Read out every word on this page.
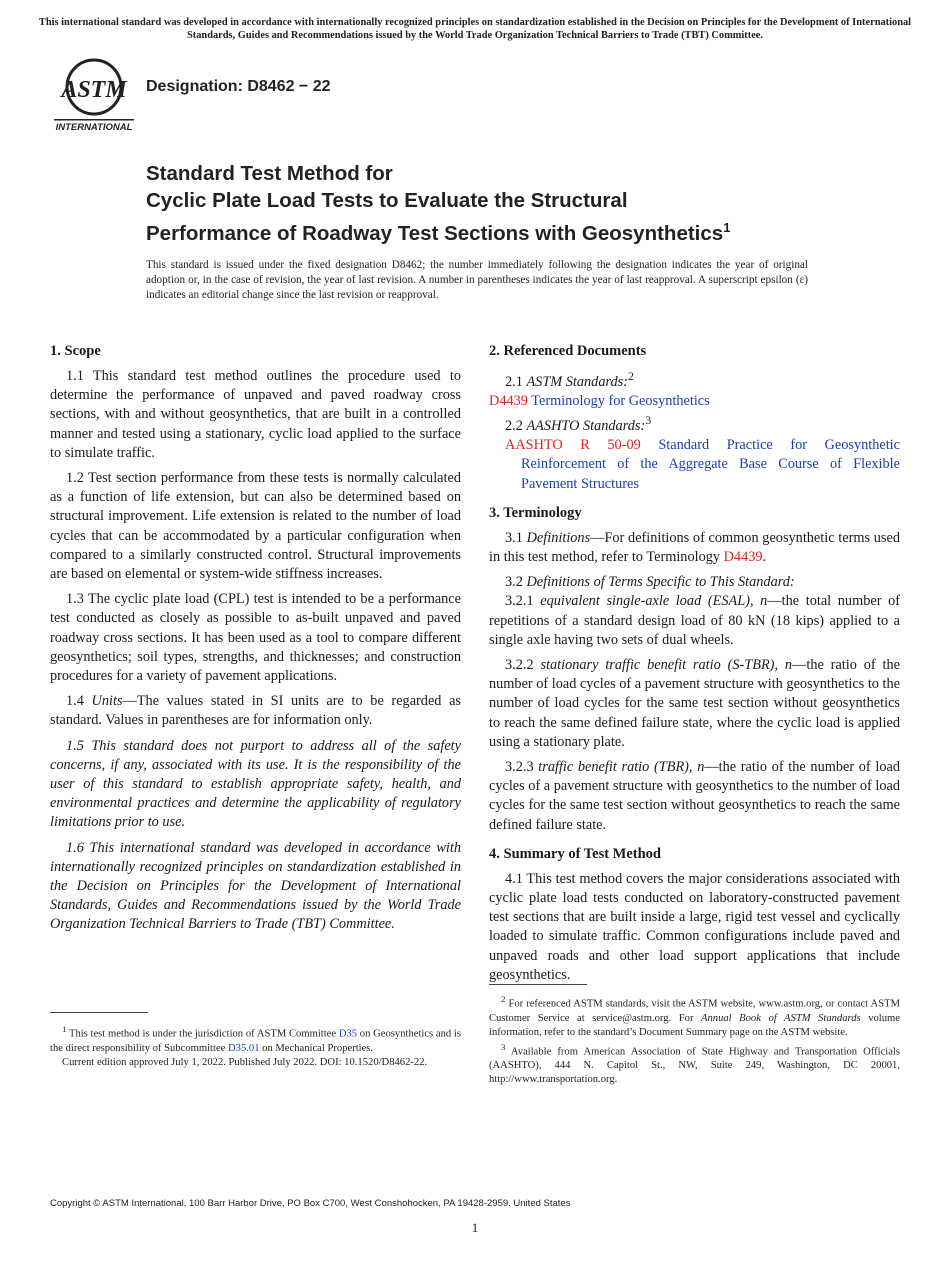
This international standard was developed in accordance with internationally recognized principles on standardization established in the Decision on Principles for the Development of International Standards, Guides and Recommendations issued by the World Trade Organization Technical Barriers to Trade (TBT) Committee.
ASTM
INTERNATIONAL
Designation: D8462 − 22
Standard Test Method for
Cyclic Plate Load Tests to Evaluate the Structural
Performance of Roadway Test Sections with Geosynthetics$^1$
This standard is issued under the fixed designation D8462; the number immediately following the designation indicates the year of original adoption or, in the case of revision, the year of last revision. A number in parentheses indicates the year of last reapproval. A superscript epsilon (ε) indicates an editorial change since the last revision or reapproval.
1. Scope

1.1 This standard test method outlines the procedure used to determine the performance of unpaved and paved roadway cross sections, with and without geosynthetics, that are built in a controlled manner and tested using a stationary, cyclic load applied to the surface to simulate traffic.

1.2 Test section performance from these tests is normally calculated as a function of life extension, but can also be determined based on structural improvement. Life extension is related to the number of load cycles that can be accommodated by a particular configuration when compared to a similarly constructed control. Structural improvements are based on elemental or system-wide stiffness increases.

1.3 The cyclic plate load (CPL) test is intended to be a performance test conducted as closely as possible to as-built unpaved and paved roadway cross sections. It has been used as a tool to compare different geosynthetics; soil types, strengths, and thicknesses; and construction procedures for a variety of pavement applications.

1.4 Units—The values stated in SI units are to be regarded as standard. Values in parentheses are for information only.

1.5 This standard does not purport to address all of the safety concerns, if any, associated with its use. It is the responsibility of the user of this standard to establish appropriate safety, health, and environmental practices and determine the applicability of regulatory limitations prior to use.

1.6 This international standard was developed in accordance with internationally recognized principles on standardization established in the Decision on Principles for the Development of International Standards, Guides and Recommendations issued by the World Trade Organization Technical Barriers to Trade (TBT) Committee.

2. Referenced Documents
2.1 ASTM Standards:$^2$
D4439 Terminology for Geosynthetics
2.2 AASHTO Standards:$^3$
AASHTO R 50-09 Standard Practice for Geosynthetic Reinforcement of the Aggregate Base Course of Flexible Pavement Structures
3. Terminology

3.1 Definitions—For definitions of common geosynthetic terms used in this test method, refer to Terminology D4439.

3.2 Definitions of Terms Specific to This Standard:

3.2.1 equivalent single-axle load (ESAL), n—the total number of repetitions of a standard design load of 80 kN (18 kips) applied to a single axle having two sets of dual wheels.

3.2.2 stationary traffic benefit ratio (S-TBR), n—the ratio of the number of load cycles of a pavement structure with geosynthetics to the number of load cycles for the same test section without geosynthetics to reach the same defined failure state, where the cyclic load is applied using a stationary plate.

3.2.3 traffic benefit ratio (TBR), n—the ratio of the number of load cycles of a pavement structure with geosynthetics to the number of load cycles for the same test section without geosynthetics to reach the same defined failure state.

4. Summary of Test Method

4.1 This test method covers the major considerations associated with cyclic plate load tests conducted on laboratory-constructed pavement test sections that are built inside a large, rigid test vessel and cyclically loaded to simulate traffic. Common configurations include paved and unpaved roads and other load support applications that include geosynthetics.

$^1$ This test method is under the jurisdiction of ASTM Committee D35 on Geosynthetics and is the direct responsibility of Subcommittee D35.01 on Mechanical Properties.

Current edition approved July 1, 2022. Published July 2022. DOI: 10.1520/D8462-22.

$^2$ For referenced ASTM standards, visit the ASTM website, www.astm.org, or contact ASTM Customer Service at service@astm.org. For Annual Book of ASTM Standards volume information, refer to the standard’s Document Summary page on the ASTM website.

$^3$ Available from American Association of State Highway and Transportation Officials (AASHTO), 444 N. Capitol St., NW, Suite 249, Washington, DC 20001, http://www.transportation.org.

Copyright © ASTM International, 100 Barr Harbor Drive, PO Box C700, West Conshohocken, PA 19428-2959. United States
1
